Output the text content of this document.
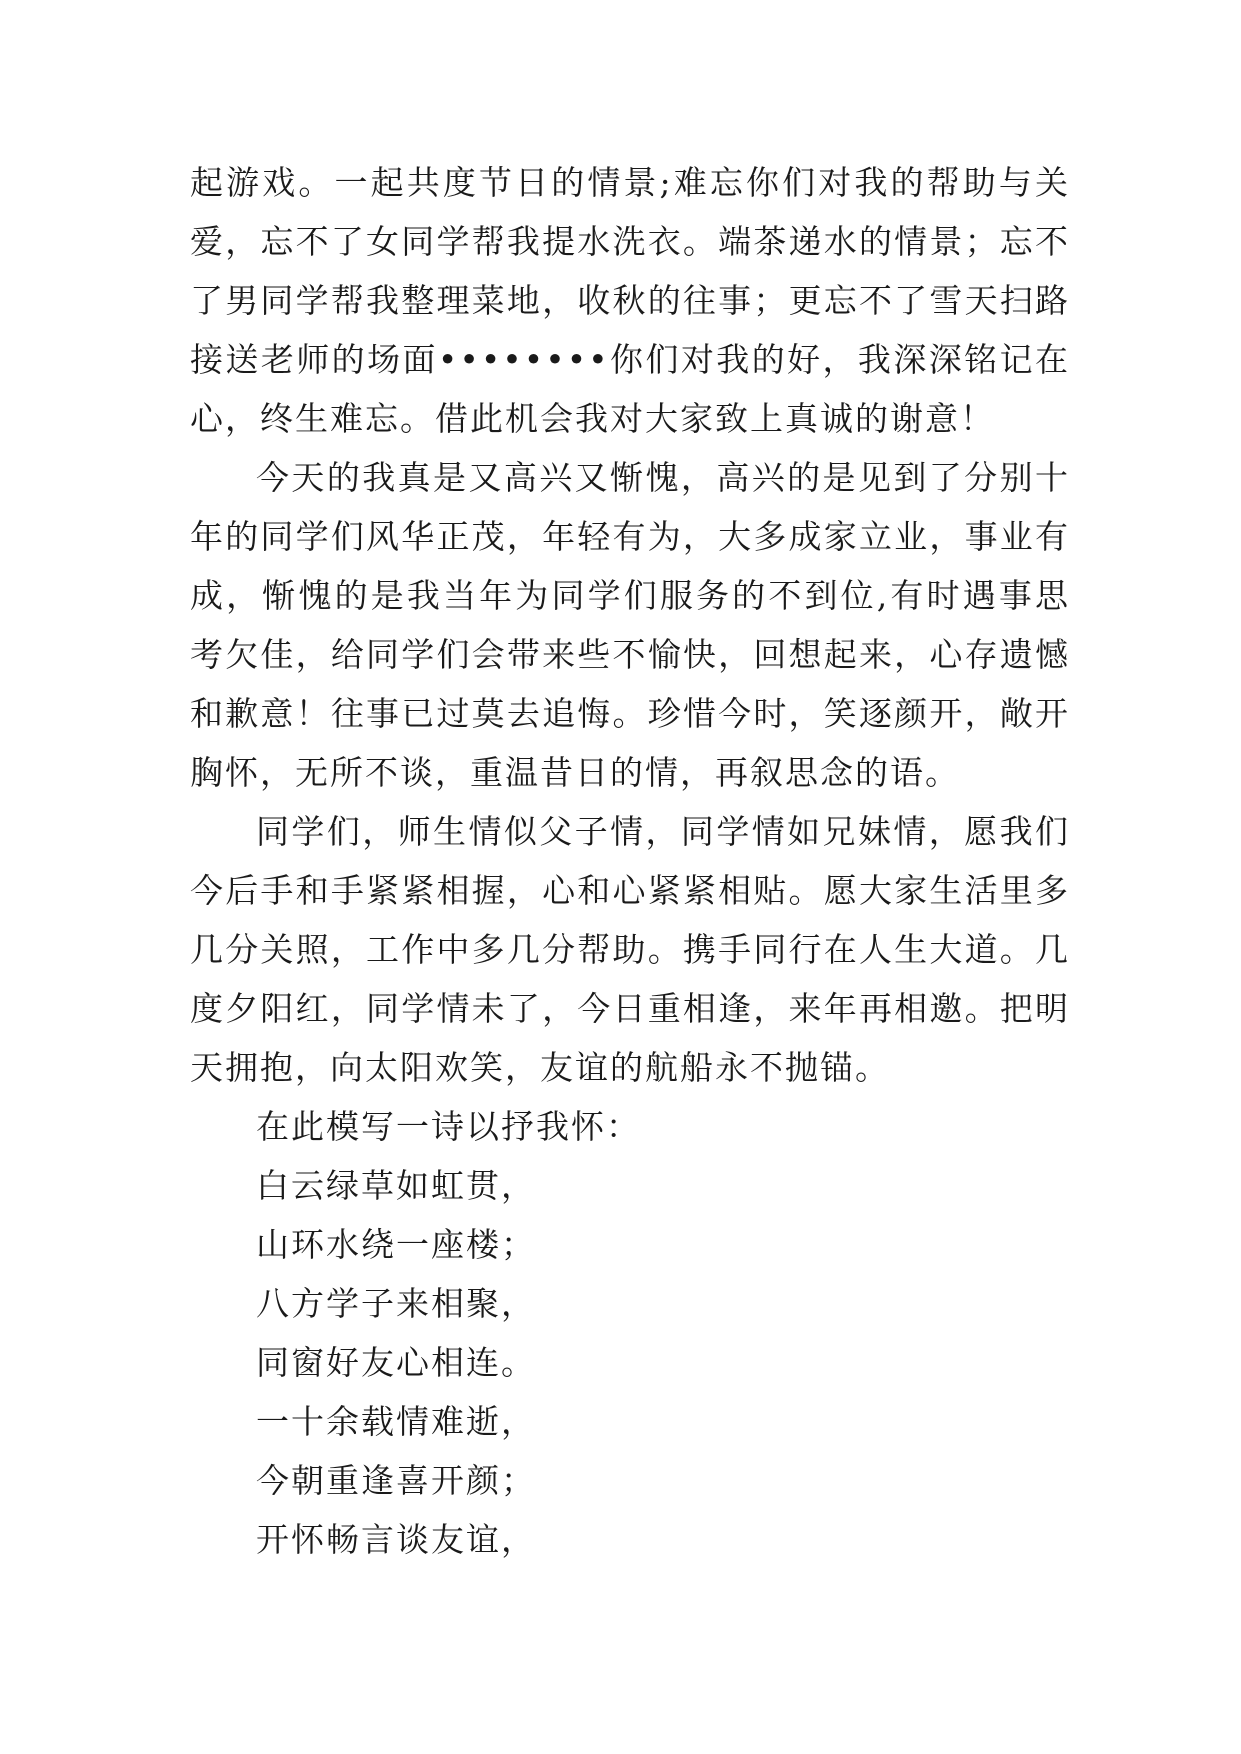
起游戏。一起共度节日的情景;难忘你们对我的帮助与关爱，忘不了女同学帮我提水洗衣。端茶递水的情景；忘不了男同学帮我整理菜地，收秋的往事；更忘不了雪天扫路接送老师的场面••••••••你们对我的好，我深深铭记在心，终生难忘。借此机会我对大家致上真诚的谢意！

今天的我真是又高兴又惭愧，高兴的是见到了分别十年的同学们风华正茂，年轻有为，大多成家立业，事业有成，惭愧的是我当年为同学们服务的不到位,有时遇事思考欠佳，给同学们会带来些不愉快，回想起来，心存遗憾和歉意！往事已过莫去追悔。珍惜今时，笑逐颜开，敞开胸怀，无所不谈，重温昔日的情，再叙思念的语。

同学们，师生情似父子情，同学情如兄妹情，愿我们今后手和手紧紧相握，心和心紧紧相贴。愿大家生活里多几分关照，工作中多几分帮助。携手同行在人生大道。几度夕阳红，同学情未了，今日重相逢，来年再相邀。把明天拥抱，向太阳欢笑，友谊的航船永不抛锚。

在此模写一诗以抒我怀：

白云绿草如虹贯，

山环水绕一座楼；

八方学子来相聚，

同窗好友心相连。

一十余载情难逝，

今朝重逢喜开颜；

开怀畅言谈友谊，
